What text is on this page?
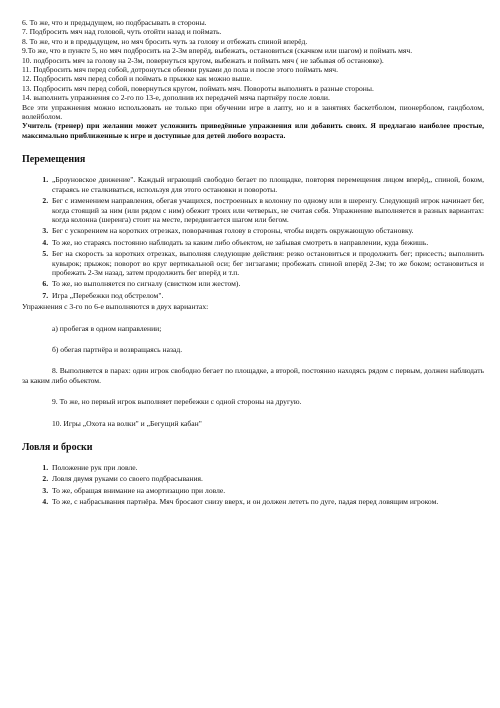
6. То же, что и предыдущем, но подбрасывать в стороны.

7. Подбросить мяч над головой, чуть отойти назад и поймать.

8. То же, что и в предыдущем, но мяч бросить чуть за голову и отбежать спиной вперёд.

9.То же, что в пункте 5, но мяч подбросить на 2-3м вперёд, выбежать, остановиться (скачком или шагом) и поймать мяч.

10. подбросить мяч за голову на 2-3м, повернуться кругом, выбежать и поймать мяч ( не забывая об остановке).

11. Подбросить мяч перед собой, дотронуться обеими руками до пола и после этого поймать мяч.

12. Подбросить мяч перед собой и поймать в прыжке как можно выше.

13. Подбросить мяч перед собой, повернуться кругом, поймать мяч. Повороты выполнять в разные стороны.

14. выполнить упражнения со 2-го по 13-е, дополнив их передачей мяча партнёру после ловли.

Все эти упражнения можно использовать не только при обучении игре в лапту, но и в занятиях баскетболом, пионерболом, гандболом, волейболом.

Учитель (тренер) при желании может усложнить приведённые упражнения или добавить своих. Я предлагаю наиболее простые, максимально приближенные к игре и доступные для детей любого возраста.

Перемещения
1. „Броуновское движение". Каждый играющий свободно бегает по площадке, повторяя перемещения лицом вперёд,, спиной, боком, стараясь не сталкиваться, используя для этого остановки и повороты.
2. Бег с изменением направления, обегая учащихся, построенных в колонну по одному или в шеренгу. Следующий игрок начинает бег, когда стоящий за ним (или рядом с ним) обежит троих или четверых, не считая себя. Упражнение выполняется в разных вариантах: когда колонна (шеренга) стоит на месте, передвигается шагом или бегом.
3. Бег с ускорением на коротких отрезках, поворачивая голову в стороны, чтобы видеть окружающую обстановку.
4. То же, но стараясь постоянно наблюдать за каким либо объектом, не забывая смотреть в направлении, куда бежишь.
5. Бег на скорость за коротких отрезках, выполняя следующие действия: резко остановиться и продолжить бег; присесть; выполнить кувырок; прыжок; поворот во круг вертикальной оси; бег зигзагами; пробежать спиной вперёд 2-3м; то же боком; остановиться и пробежать 2-3м назад, затем продолжить бег вперёд и т.п.
6. То же, но выполняется по сигналу (свистком или жестом).
7. Игра „Перебежки под обстрелом".

Упражнения с 3-го по 6-е выполняются в двух вариантах:

а) пробегая в одном направлении;

б) обегая партнёра и возвращаясь назад.

8. Выполняется в парах: один игрок свободно бегает по площадке, а второй, постоянно находясь рядом с первым, должен наблюдать за каким либо объектом.

9. То же, но первый игрок выполняет перебежки с одной стороны на другую.

10. Игры „Охота на волки" и „Бегущий кабан"

Ловля и броски
1. Положение рук при ловле.
2. Ловля двумя руками со своего подбрасывания.
3. То же, обращая внимание на амортизацию при ловле.
4. То же, с набрасывания партнёра. Мяч бросают снизу вверх, и он должен лететь по дуге, падая перед ловящим игроком.
